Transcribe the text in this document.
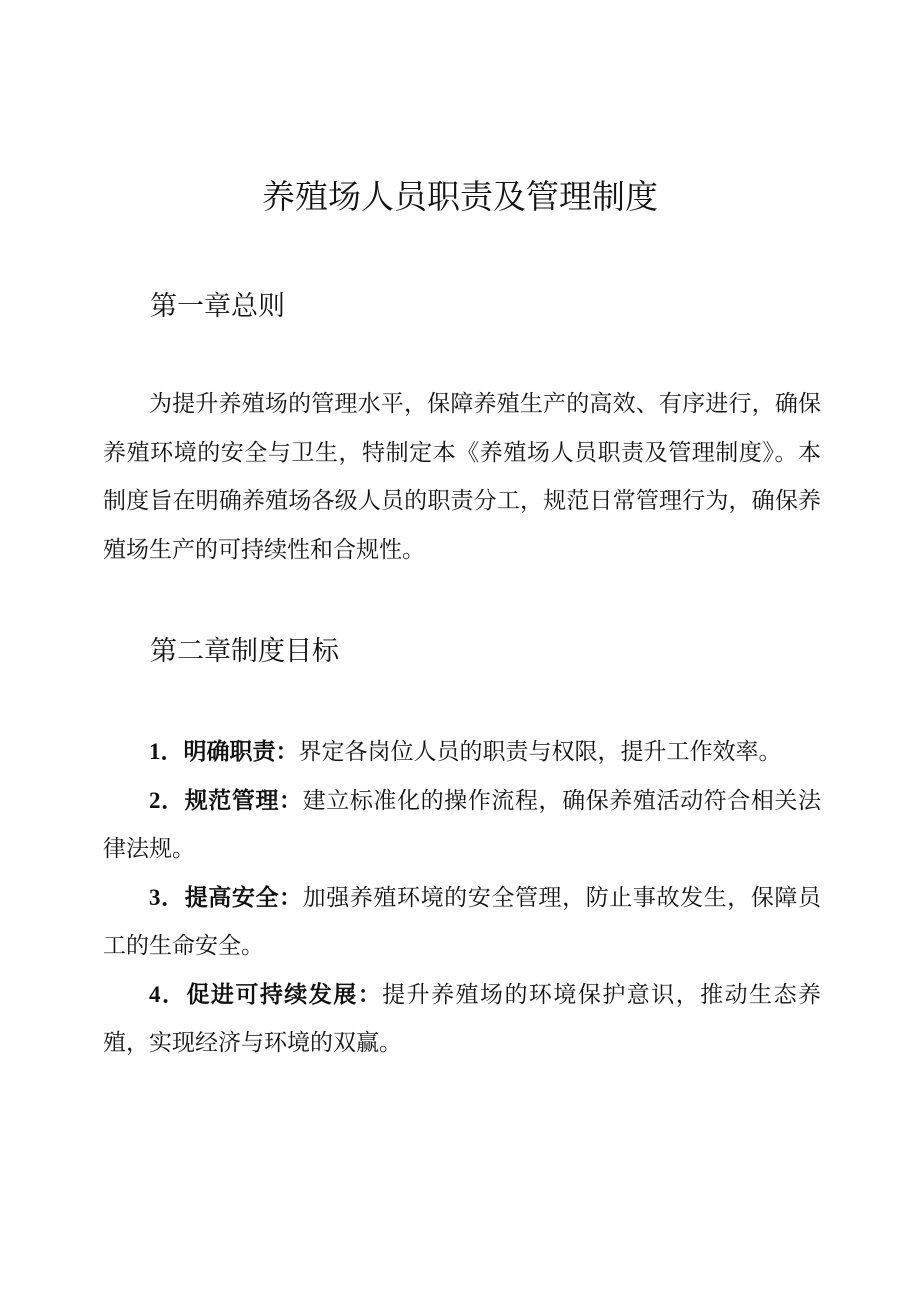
养殖场人员职责及管理制度
第一章总则

为提升养殖场的管理水平，保障养殖生产的高效、有序进行，确保养殖环境的安全与卫生，特制定本《养殖场人员职责及管理制度》。本制度旨在明确养殖场各级人员的职责分工，规范日常管理行为，确保养殖场生产的可持续性和合规性。

第二章制度目标

1．明确职责：界定各岗位人员的职责与权限，提升工作效率。

2．规范管理：建立标准化的操作流程，确保养殖活动符合相关法律法规。

3．提高安全：加强养殖环境的安全管理，防止事故发生，保障员工的生命安全。

4．促进可持续发展：提升养殖场的环境保护意识，推动生态养殖，实现经济与环境的双赢。
